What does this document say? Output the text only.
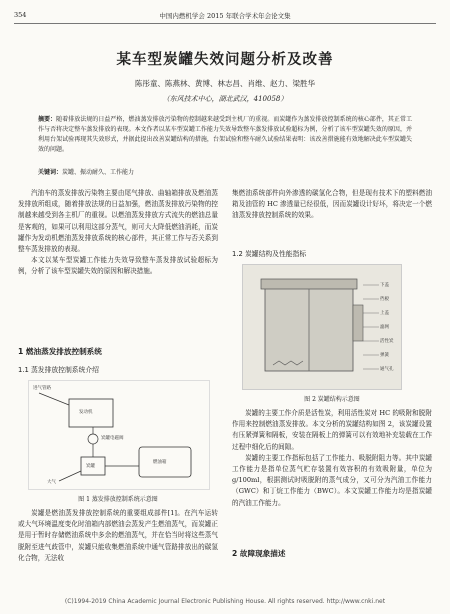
354	中国内燃机学会 2015 年联合学术年会论文集
某车型炭罐失效问题分析及改善
陈彤童、陈燕林、黄博、林志昌、肖维、赵力、梁胜华
（东风技术中心，湖北武汉，410058）
摘要：随着排放法规的日益严格，燃油蒸发排放污染物的控制越来越受到主机厂的重视。而炭罐作为蒸发排放控制系统的核心部件，其正常工作与否将决定整车蒸发排放的表现。本文作者以某车型炭罐工作能力失效导致整车蒸发排放试验超标为例，分析了该车型炭罐失效的原因，并利用台架试验再现其失效形式，并据此提出改善炭罐结构的措施，台架试验和整车耐久试验结果表明：该改善措施能有效地解决此车型炭罐失效的问题。
关键词：炭罐、振动耐久、工作能力

汽油车的蒸发排放污染物主要由尾气排放、曲轴箱排放及燃油蒸发排放所组成，随着排放法规的日益加强，燃油蒸发排放污染物的控制越来越受到各主机厂的重视。以燃油蒸发排放方式流失的燃油总量是客观的，如果可以利用这部分蒸气，则可大大降低燃油消耗，而炭罐作为发动机燃油蒸发排放系统的核心部件，其正常工作与否关系到整车蒸发排放的表现。

本文以某车型炭罐工作能力失效导致整车蒸发排放试验超标为例，分析了该车型炭罐失效的原因和解决措施。

1 燃油蒸发排放控制系统
1.1 蒸发排放控制系统介绍
进气管路
炭罐电磁阀
发动机
燃油箱
炭罐
大气
图 1 蒸发排放控制系统示意图

炭罐是燃油蒸发排放控制系统的重要组成部件[1]。在汽车运转或大气环境温度变化时油箱内部燃油会蒸发产生燃油蒸气，而炭罐正是用于暂时存储燃油系统中多余的燃油蒸气，并在恰当时将这些蒸气脱附至进气歧管中，炭罐只能收集燃油系统中通气管路排放出的碳氢化合物，无法收

集燃油系统部件向外渗透的碳氢化合物，但是现有技术下的塑料燃油箱及油管的 HC 渗透量已经很低，因而炭罐设计好坏，将决定一个燃油蒸发排放控制系统的效果。

1.2 炭罐结构及性能指标
下盖
挡板
上盖
滤网
活性炭
弹簧
通气孔
图 2 炭罐结构示意图

炭罐的主要工作介质是活性炭，利用活性炭对 HC 的吸附和脱附作用来控制燃油蒸发排放。本文分析的炭罐结构如图 2，该炭罐设置有压紧弹簧和隔板，安装在隔板上的弹簧可以有效地补充装载在工作过程中细化后的间隙。

炭罐的主要工作指标包括了工作能力、吸脱附阻力等。其中炭罐工作能力是指单位蒸气贮存装置有效容积的有效吸附量，单位为 g/100ml，根据测试时吸脱附的蒸气成分，又可分为汽油工作能力（GWC）和丁烷工作能力（BWC）。本文炭罐工作能力均是指炭罐的汽油工作能力。

2 故障现象描述
(C)1994-2019 China Academic Journal Electronic Publishing House. All rights reserved. http://www.cnki.net
